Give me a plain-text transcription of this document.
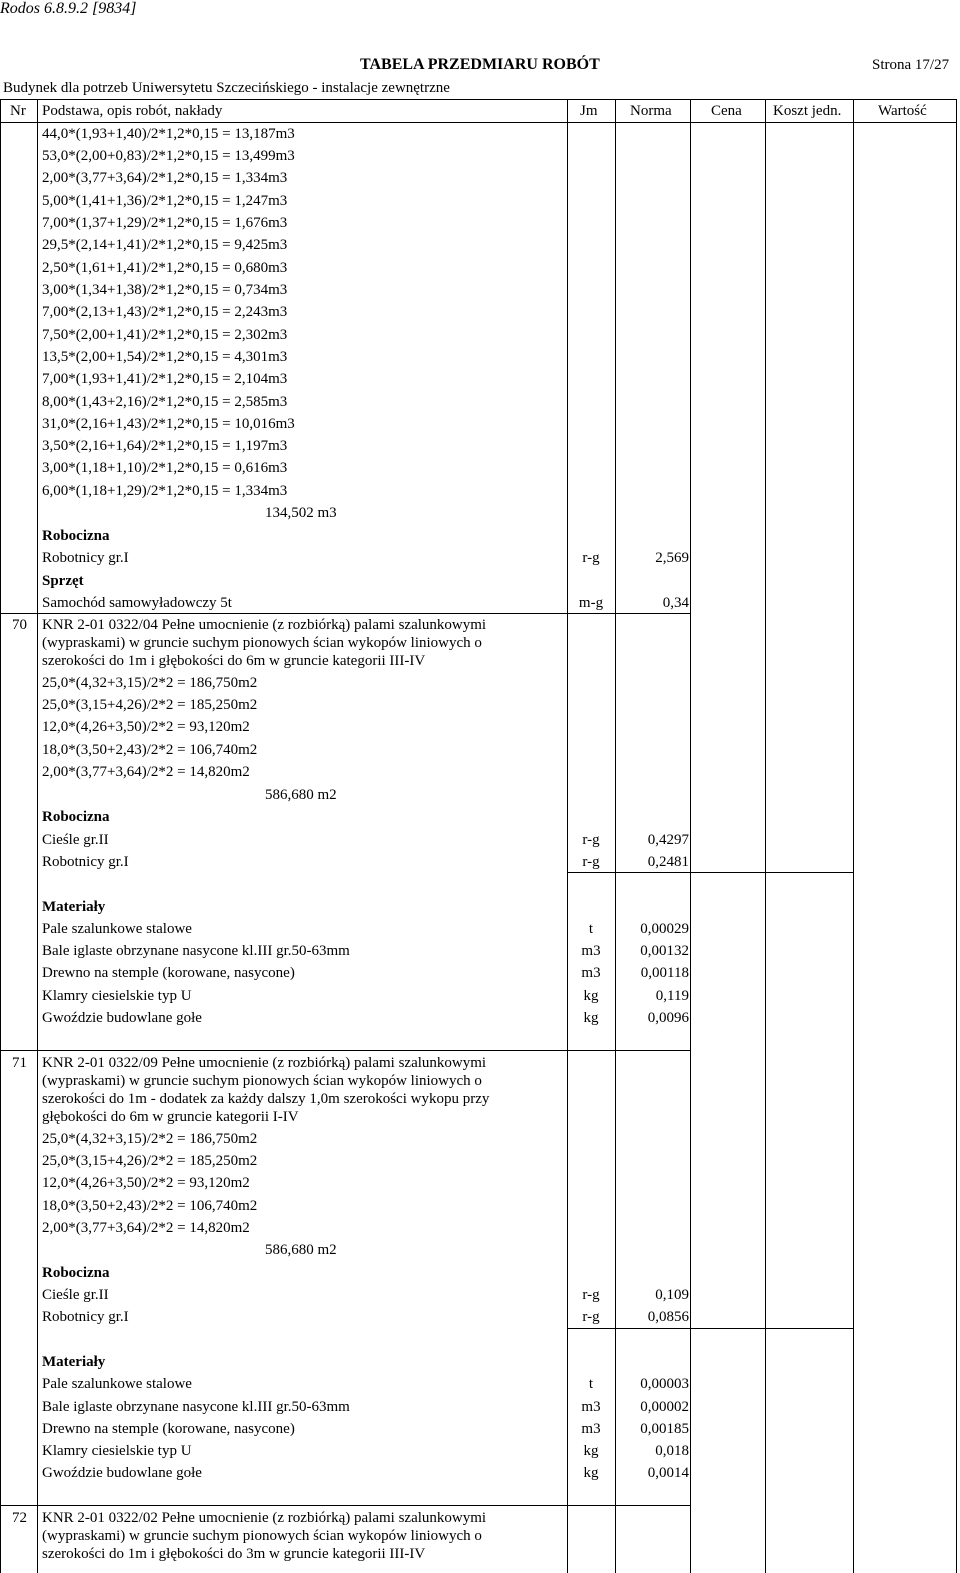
Rodos 6.8.9.2 [9834]
TABELA PRZEDMIARU ROBÓT	Strona 17/27
Budynek dla potrzeb Uniwersytetu Szczecińskiego - instalacje zewnętrzne
Nr Podstawa, opis robót, nakłady	Jm Norma	Cena Koszt jedn. Wartość
44,0*(1,93+1,40)/2*1,2*0,15 = 13,187m3
53,0*(2,00+0,83)/2*1,2*0,15 = 13,499m3
2,00*(3,77+3,64)/2*1,2*0,15 = 1,334m3
5,00*(1,41+1,36)/2*1,2*0,15 = 1,247m3
7,00*(1,37+1,29)/2*1,2*0,15 = 1,676m3
29,5*(2,14+1,41)/2*1,2*0,15 = 9,425m3
2,50*(1,61+1,41)/2*1,2*0,15 = 0,680m3
3,00*(1,34+1,38)/2*1,2*0,15 = 0,734m3
7,00*(2,13+1,43)/2*1,2*0,15 = 2,243m3
7,50*(2,00+1,41)/2*1,2*0,15 = 2,302m3
13,5*(2,00+1,54)/2*1,2*0,15 = 4,301m3
7,00*(1,93+1,41)/2*1,2*0,15 = 2,104m3
8,00*(1,43+2,16)/2*1,2*0,15 = 2,585m3
31,0*(2,16+1,43)/2*1,2*0,15 = 10,016m3
3,50*(2,16+1,64)/2*1,2*0,15 = 1,197m3
3,00*(1,18+1,10)/2*1,2*0,15 = 0,616m3
6,00*(1,18+1,29)/2*1,2*0,15 = 1,334m3
134,502 m3
Robocizna
Robotnicy gr.I	r-g	2,569
Sprzęt
Samochód samowyładowczy 5t	m-g	0,34
70 KNR 2-01 0322/04 Pełne umocnienie (z rozbiórką) palami szalunkowymi
(wypraskami) w gruncie suchym pionowych ścian wykopów liniowych o
szerokości do 1m i głębokości do 6m w gruncie kategorii III-IV
25,0*(4,32+3,15)/2*2 = 186,750m2
25,0*(3,15+4,26)/2*2 = 185,250m2
12,0*(4,26+3,50)/2*2 = 93,120m2
18,0*(3,50+2,43)/2*2 = 106,740m2
2,00*(3,77+3,64)/2*2 = 14,820m2
586,680 m2
Robocizna
Cieśle gr.II	r-g	0,4297
Robotnicy gr.I	r-g	0,2481
Materiały
Pale szalunkowe stalowe	t	0,00029
Bale iglaste obrzynane nasycone kl.III gr.50-63mm	m3	0,00132
Drewno na stemple (korowane, nasycone)	m3	0,00118
Klamry ciesielskie typ U	kg	0,119
Gwoździe budowlane gołe	kg	0,0096
71 KNR 2-01 0322/09 Pełne umocnienie (z rozbiórką) palami szalunkowymi
(wypraskami) w gruncie suchym pionowych ścian wykopów liniowych o
szerokości do 1m - dodatek za każdy dalszy 1,0m szerokości wykopu przy
głębokości do 6m w gruncie kategorii I-IV
25,0*(4,32+3,15)/2*2 = 186,750m2
25,0*(3,15+4,26)/2*2 = 185,250m2
12,0*(4,26+3,50)/2*2 = 93,120m2
18,0*(3,50+2,43)/2*2 = 106,740m2
2,00*(3,77+3,64)/2*2 = 14,820m2
586,680 m2
Robocizna
Cieśle gr.II	r-g	0,109
Robotnicy gr.I	r-g	0,0856
Materiały
Pale szalunkowe stalowe	t	0,00003
Bale iglaste obrzynane nasycone kl.III gr.50-63mm	m3	0,00002
Drewno na stemple (korowane, nasycone)	m3	0,00185
Klamry ciesielskie typ U	kg	0,018
Gwoździe budowlane gołe	kg	0,0014
72 KNR 2-01 0322/02 Pełne umocnienie (z rozbiórką) palami szalunkowymi
(wypraskami) w gruncie suchym pionowych ścian wykopów liniowych o
szerokości do 1m i głębokości do 3m w gruncie kategorii III-IV
